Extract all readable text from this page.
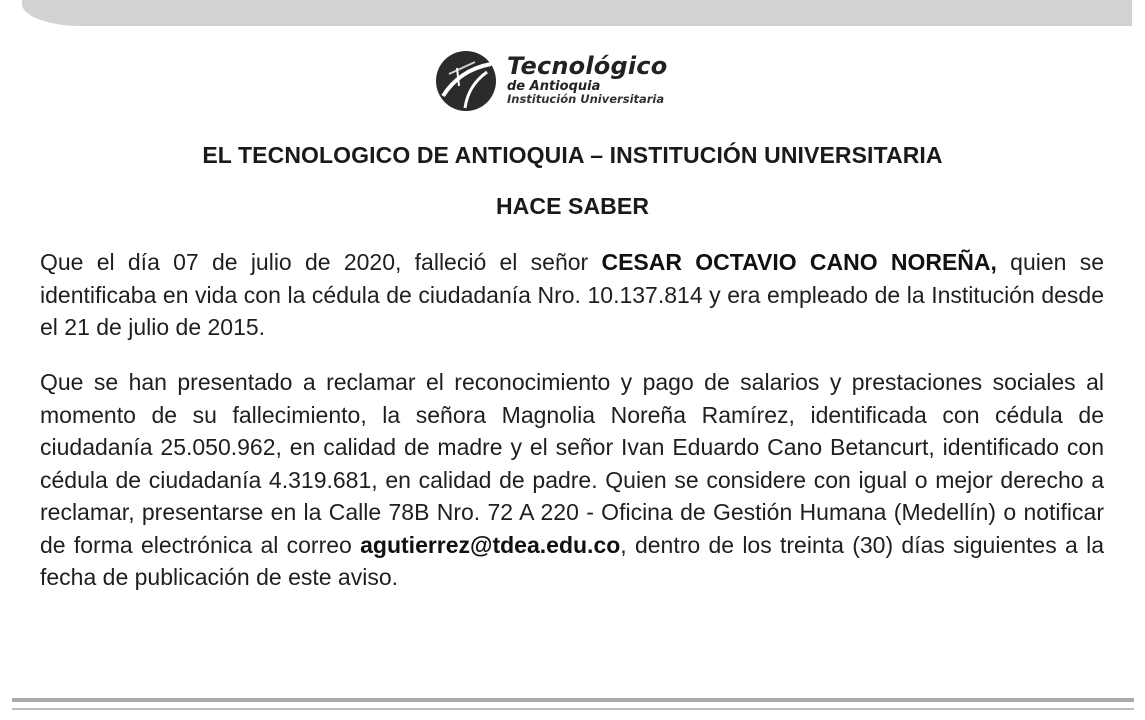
Tecnológico
de Antioquia
Institución Universitaria
EL TECNOLOGICO DE ANTIOQUIA – INSTITUCIÓN UNIVERSITARIA
HACE SABER

Que el día 07 de julio de 2020, falleció el señor CESAR OCTAVIO CANO NOREÑA, quien se identificaba en vida con la cédula de ciudadanía Nro. 10.137.814 y era empleado de la Institución desde el 21 de julio de 2015.

Que se han presentado a reclamar el reconocimiento y pago de salarios y prestaciones sociales al momento de su fallecimiento, la señora Magnolia Noreña Ramírez, identificada con cédula de ciudadanía 25.050.962, en calidad de madre y el señor Ivan Eduardo Cano Betancurt, identificado con cédula de ciudadanía 4.319.681, en calidad de padre. Quien se considere con igual o mejor derecho a reclamar, presentarse en la Calle 78B Nro. 72 A 220 - Oficina de Gestión Humana (Medellín) o notificar de forma electrónica al correo agutierrez@tdea.edu.co, dentro de los treinta (30) días siguientes a la fecha de publicación de este aviso.
